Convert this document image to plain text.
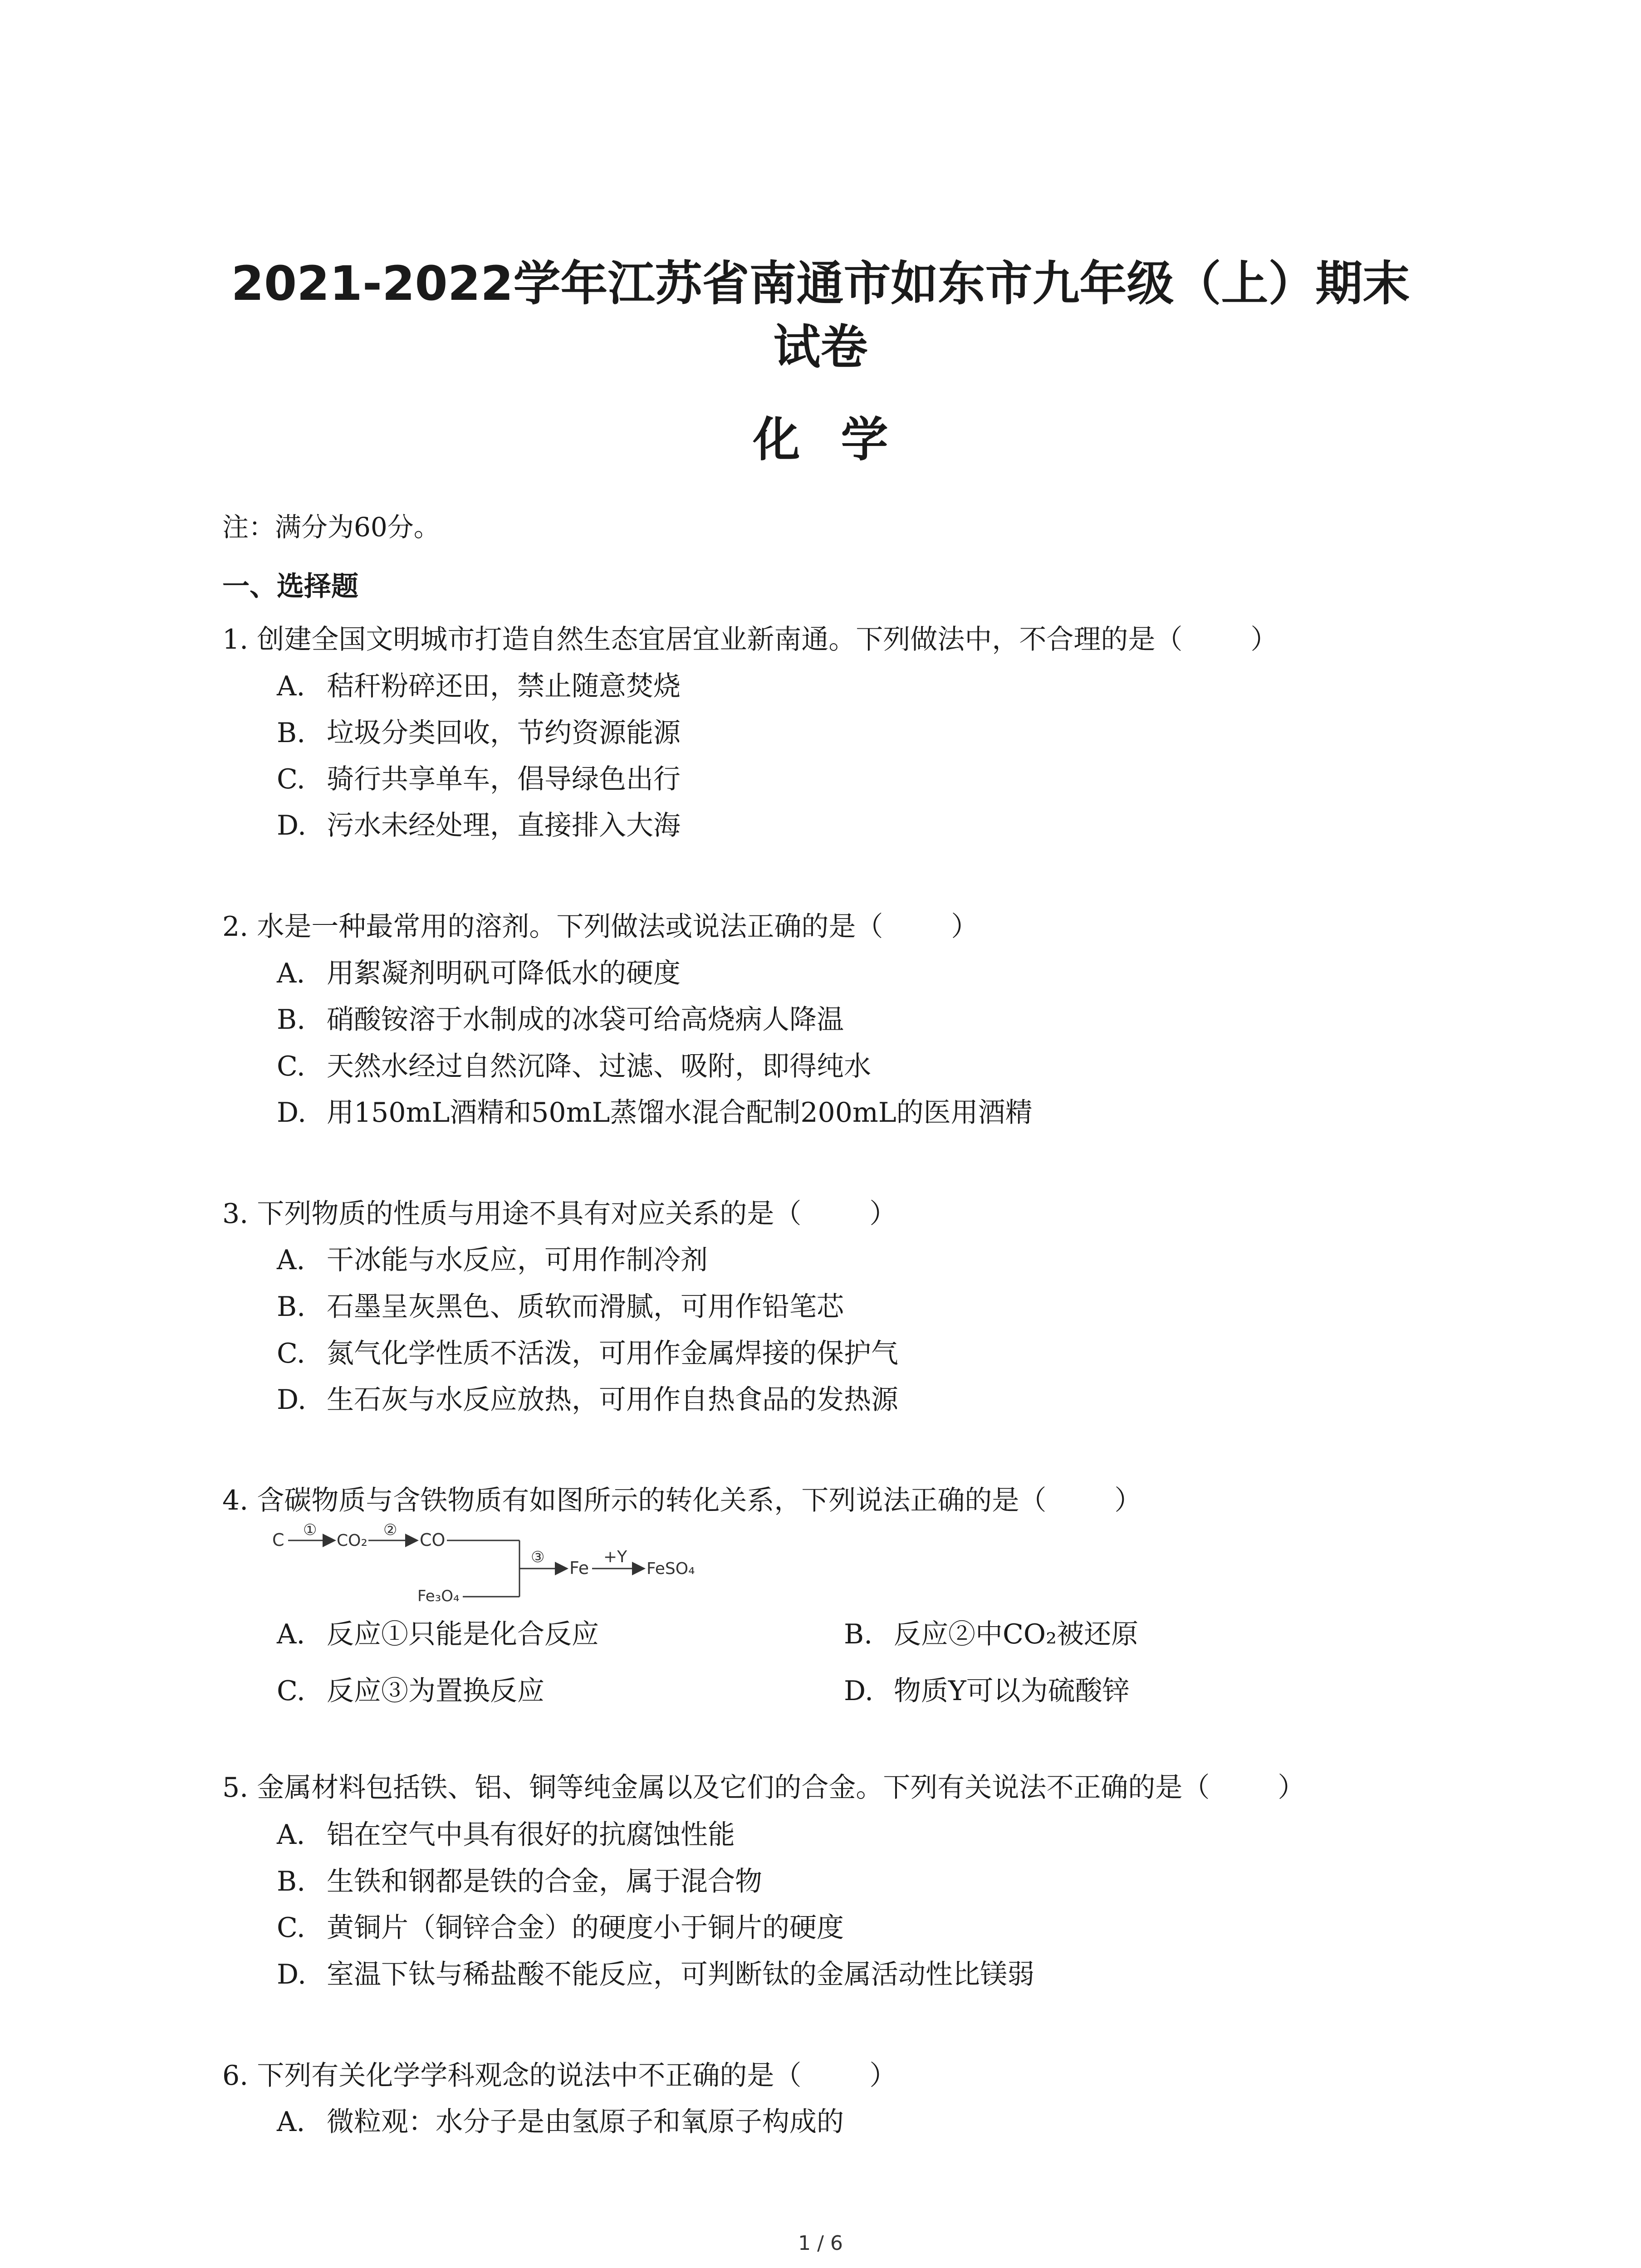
2021-2022学年江苏省南通市如东市九年级（上）期末
试卷
化学
注：满分为60分。
一、选择题
1. 创建全国文明城市打造自然生态宜居宜业新南通。下列做法中，不合理的是（	）
A. 秸秆粉碎还田，禁止随意焚烧
B. 垃圾分类回收，节约资源能源
C. 骑行共享单车，倡导绿色出行
D. 污水未经处理，直接排入大海
2. 水是一种最常用的溶剂。下列做法或说法正确的是（	）
A. 用絮凝剂明矾可降低水的硬度
B. 硝酸铵溶于水制成的冰袋可给高烧病人降温
C. 天然水经过自然沉降、过滤、吸附，即得纯水
D. 用150mL酒精和50mL蒸馏水混合配制200mL的医用酒精
3. 下列物质的性质与用途不具有对应关系的是（	）
A. 干冰能与水反应，可用作制冷剂
B. 石墨呈灰黑色、质软而滑腻，可用作铅笔芯
C. 氮气化学性质不活泼，可用作金属焊接的保护气
D. 生石灰与水反应放热，可用作自热食品的发热源
4. 含碳物质与含铁物质有如图所示的转化关系，下列说法正确的是（	）
C ①
CO₂
② CO
Fe₃O₄
③
Fe
+Y
FeSO₄
A. 反应①只能是化合反应	B. 反应②中CO₂被还原
C. 反应③为置换反应	D. 物质Y可以为硫酸锌
5. 金属材料包括铁、铝、铜等纯金属以及它们的合金。下列有关说法不正确的是（	）
A. 铝在空气中具有很好的抗腐蚀性能
B. 生铁和钢都是铁的合金，属于混合物
C. 黄铜片（铜锌合金）的硬度小于铜片的硬度
D. 室温下钛与稀盐酸不能反应，可判断钛的金属活动性比镁弱
6. 下列有关化学学科观念的说法中不正确的是（	）
A. 微粒观：水分子是由氢原子和氧原子构成的
1 / 6
